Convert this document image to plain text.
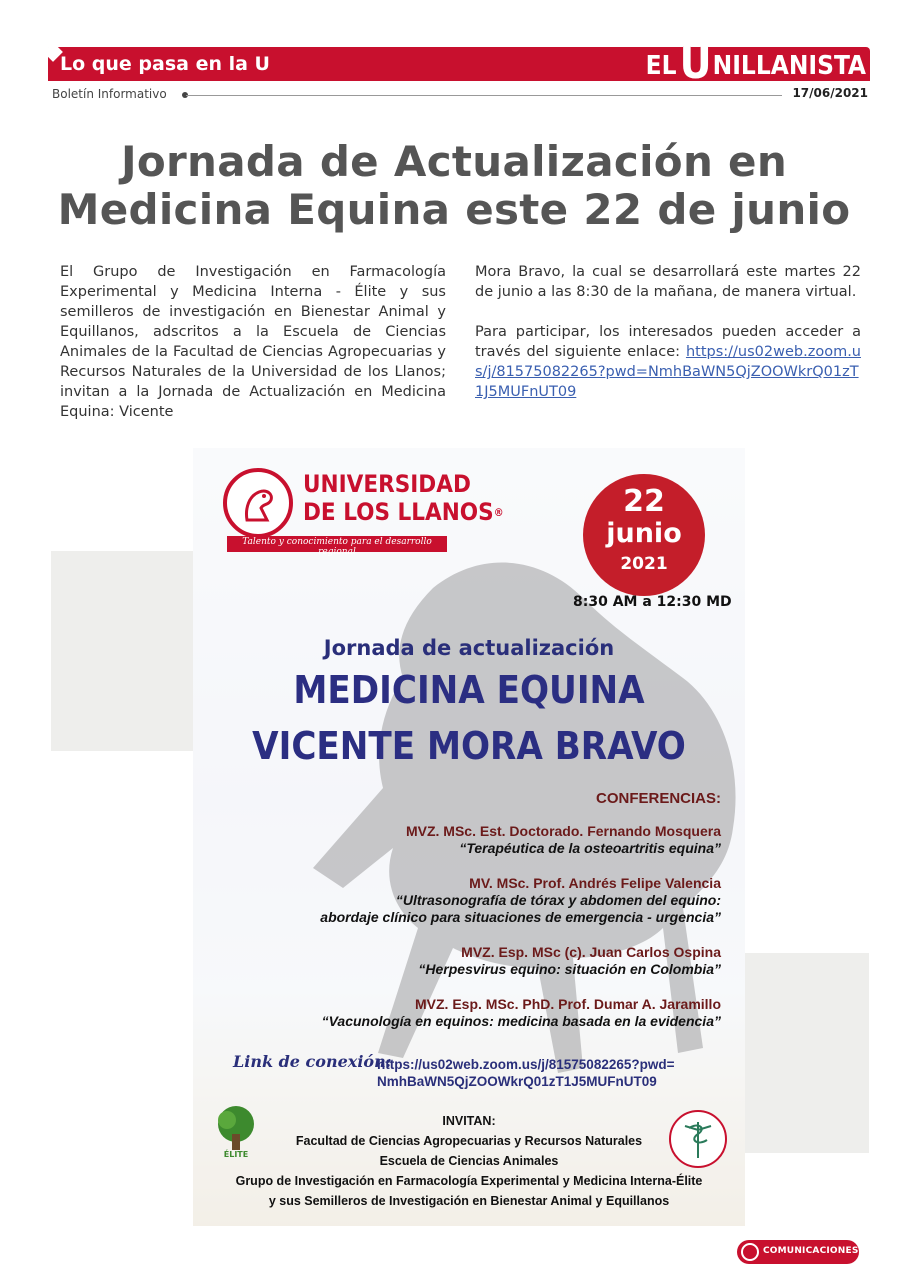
Lo que pasa en la U	EL U NILLANISTA
Boletín Informativo	17/06/2021
Jornada de Actualización en
Medicina Equina este 22 de junio

El Grupo de Investigación en Farmacología Experimental y Medicina Interna - Élite y sus semilleros de investigación en Bienestar Animal y Equillanos, adscritos a la Escuela de Ciencias Animales de la Facultad de Ciencias Agropecuarias y Recursos Naturales de la Universidad de los Llanos; invitan a la Jornada de Actualización en Medicina Equina: Vicente

Mora Bravo, la cual se desarrollará este martes 22 de junio a las 8:30 de la mañana, de manera virtual.

Para participar, los interesados pueden acceder a través del siguiente enlace: https://us02web.zoom.us/j/81575082265?pwd=NmhBaWN5QjZOOWkrQ01zT1J5MUFnUT09

UNIVERSIDAD
DE LOS LLANOS®
Talento y conocimiento para el desarrollo regional
22
junio
2021
8:30 AM a 12:30 MD
Jornada de actualización
MEDICINA EQUINA
VICENTE MORA BRAVO
CONFERENCIAS:
MVZ. MSc. Est. Doctorado. Fernando Mosquera
“Terapéutica de la osteoartritis equina”
MV. MSc. Prof. Andrés Felipe Valencia
“Ultrasonografía de tórax y abdomen del equino:
abordaje clínico para situaciones de emergencia - urgencia”
MVZ. Esp. MSc (c). Juan Carlos Ospina
“Herpesvirus equino: situación en Colombia”
MVZ. Esp. MSc. PhD. Prof. Dumar A. Jaramillo
“Vacunología en equinos: medicina basada en la evidencia”
Link de conexión:
https://us02web.zoom.us/j/81575082265?pwd=
NmhBaWN5QjZOOWkrQ01zT1J5MUFnUT09
ÉLITE
INVITAN:
Facultad de Ciencias Agropecuarias y Recursos Naturales
Escuela de Ciencias Animales
Grupo de Investigación en Farmacología Experimental y Medicina Interna-Élite
y sus Semilleros de Investigación en Bienestar Animal y Equillanos
COMUNICACIONES
